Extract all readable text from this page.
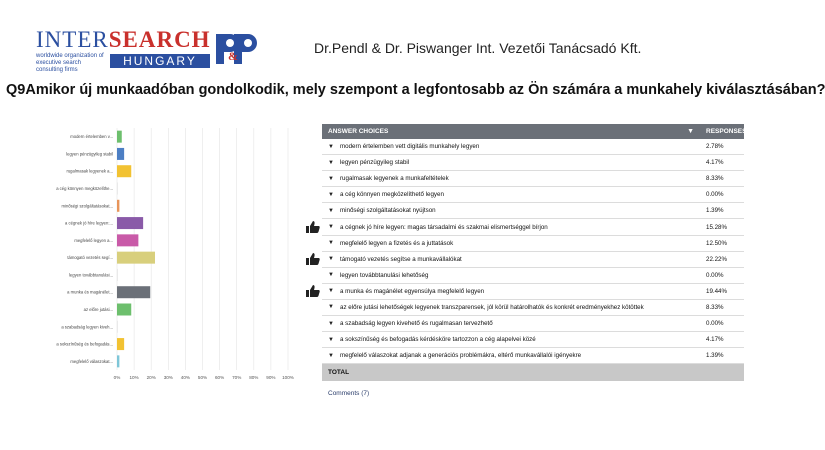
INTERSEARCH
worldwide organization of executive search consulting firms
HUNGARY	&	Dr.Pendl & Dr. Piswanger Int. Vezetői Tanácsadó Kft.
Q9Amikor új munkaadóban gondolkodik, mely szempont a legfontosabb az Ön számára a munkahely kiválasztásában?
modern értelemben v...
legyen pénzügyileg stabil
rugalmasak legyenek a...
a cég könnyen megközelíthe...
minőségi szolgáltatásokat...
a cégnek jó híre legyen:...
megfelelő legyen a...
támogató vezetés segí...
legyen továbbtanulási...
a munka és magánélet...
az előre jutási...
a szabadság legyen kiveh...
a sokszínűség és befogadás...
megfelelő válaszokat...
0% 10% 20% 30% 40% 50% 60% 70% 80% 90% 100%
ANSWER CHOICES	▼	RESPONSES
▼ modern értelemben vett digitális munkahely legyen	2.78%
▼ legyen pénzügyileg stabil	4.17%
▼ rugalmasak legyenek a munkafeltételek	8.33%
▼ a cég könnyen megközelíthető legyen	0.00%
▼ minőségi szolgáltatásokat nyújtson	1.39%
▼ a cégnek jó híre legyen: magas társadalmi és szakmai elismertséggel bírjon	15.28%
▼ megfelelő legyen a fizetés és a juttatások	12.50%
▼ támogató vezetés segítse a munkavállalókat	22.22%
▼ legyen továbbtanulási lehetőség	0.00%
▼ a munka és magánélet egyensúlya megfelelő legyen	19.44%
▼ az előre jutási lehetőségek legyenek transzparensek, jól körül határolhatók és konkrét eredményekhez kötöttek	8.33%
▼ a szabadság legyen kivehető és rugalmasan tervezhető	0.00%
▼ a sokszínűség és befogadás kérdésköre tartozzon a cég alapelvei közé	4.17%
▼ megfelelő válaszokat adjanak a generációs problémákra, eltérő munkavállalói igényekre	1.39%
TOTAL
Comments (7)
